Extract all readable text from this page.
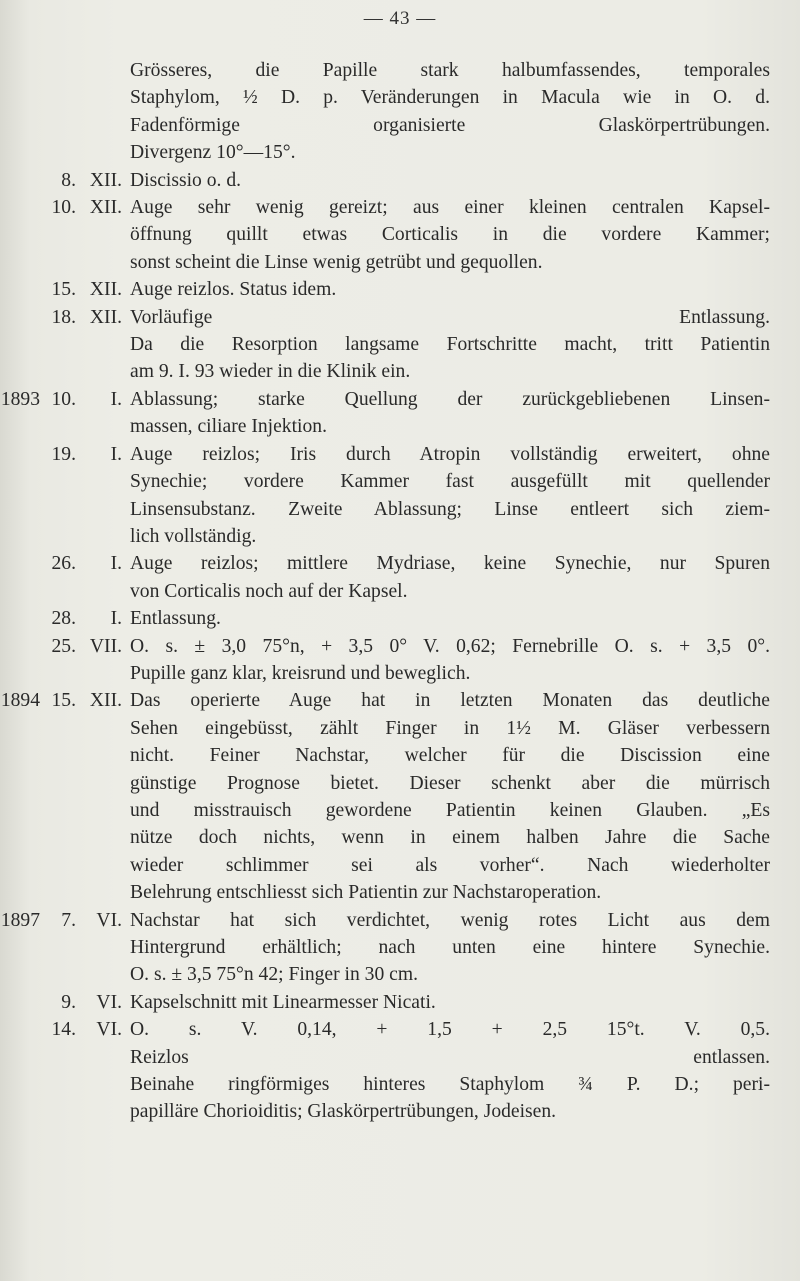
— 43 —
Grösseres, die Papille stark halbumfassendes, temporales
Staphylom, ½ D. p. Veränderungen in Macula wie in O. d.
Fadenförmige organisierte Glaskörpertrübungen.
Divergenz 10°—15°.
8. XII. Discissio o. d.
10. XII. Auge sehr wenig gereizt; aus einer kleinen centralen Kapsel-
öffnung quillt etwas Corticalis in die vordere Kammer;
sonst scheint die Linse wenig getrübt und gequollen.
15. XII. Auge reizlos. Status idem.
18. XII. Vorläufige Entlassung.
Da die Resorption langsame Fortschritte macht, tritt Patientin
am 9. I. 93 wieder in die Klinik ein.
1893 10.	I. Ablassung; starke Quellung der zurückgebliebenen Linsen-
massen, ciliare Injektion.
19.	I. Auge reizlos; Iris durch Atropin vollständig erweitert, ohne
Synechie; vordere Kammer fast ausgefüllt mit quellender
Linsensubstanz. Zweite Ablassung; Linse entleert sich ziem-
lich vollständig.
26.	I. Auge reizlos; mittlere Mydriase, keine Synechie, nur Spuren
von Corticalis noch auf der Kapsel.
28.	I. Entlassung.
25. VII. O. s. ± 3,0 75°n, + 3,5 0° V. 0,62; Fernebrille O. s. + 3,5 0°.
Pupille ganz klar, kreisrund und beweglich.
1894 15. XII. Das operierte Auge hat in letzten Monaten das deutliche
Sehen eingebüsst, zählt Finger in 1½ M. Gläser verbessern
nicht. Feiner Nachstar, welcher für die Discission eine
günstige Prognose bietet. Dieser schenkt aber die mürrisch
und misstrauisch gewordene Patientin keinen Glauben. „Es
nütze doch nichts, wenn in einem halben Jahre die Sache
wieder schlimmer sei als vorher“. Nach wiederholter
Belehrung entschliesst sich Patientin zur Nachstaroperation.
1897	7.	VI. Nachstar hat sich verdichtet, wenig rotes Licht aus dem
Hintergrund erhältlich; nach unten eine hintere Synechie.
O. s. ± 3,5 75°n 42; Finger in 30 cm.
9.	VI. Kapselschnitt mit Linearmesser Nicati.
14.	VI. O. s. V. 0,14, + 1,5 + 2,5 15°t. V. 0,5.
Reizlos entlassen.
Beinahe ringförmiges hinteres Staphylom ¾ P. D.; peri-
papilläre Chorioiditis; Glaskörpertrübungen, Jodeisen.
